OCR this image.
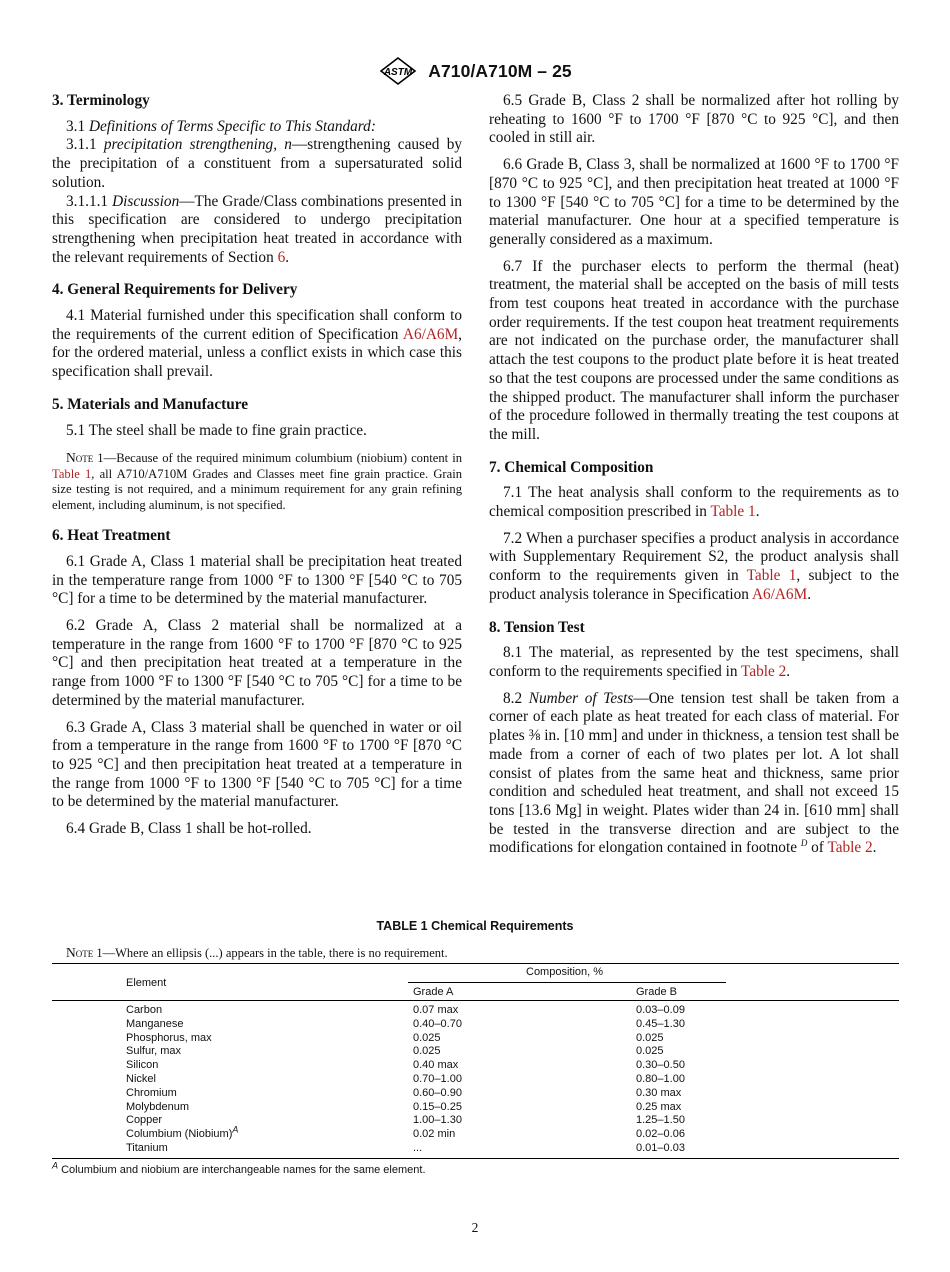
ASTM A710/A710M – 25
3. Terminology

3.1 Definitions of Terms Specific to This Standard:

3.1.1 precipitation strengthening, n—strengthening caused by the precipitation of a constituent from a supersaturated solid solution.

3.1.1.1 Discussion—The Grade/Class combinations presented in this specification are considered to undergo precipitation strengthening when precipitation heat treated in accordance with the relevant requirements of Section 6.

4. General Requirements for Delivery

4.1 Material furnished under this specification shall conform to the requirements of the current edition of Specification A6/A6M, for the ordered material, unless a conflict exists in which case this specification shall prevail.

5. Materials and Manufacture

5.1 The steel shall be made to fine grain practice.

Note 1—Because of the required minimum columbium (niobium) content in Table 1, all A710/A710M Grades and Classes meet fine grain practice. Grain size testing is not required, and a minimum requirement for any grain refining element, including aluminum, is not specified.
6. Heat Treatment

6.1 Grade A, Class 1 material shall be precipitation heat treated in the temperature range from 1000 °F to 1300 °F [540 °C to 705 °C] for a time to be determined by the material manufacturer.

6.2 Grade A, Class 2 material shall be normalized at a temperature in the range from 1600 °F to 1700 °F [870 °C to 925 °C] and then precipitation heat treated at a temperature in the range from 1000 °F to 1300 °F [540 °C to 705 °C] for a time to be determined by the material manufacturer.

6.3 Grade A, Class 3 material shall be quenched in water or oil from a temperature in the range from 1600 °F to 1700 °F [870 °C to 925 °C] and then precipitation heat treated at a temperature in the range from 1000 °F to 1300 °F [540 °C to 705 °C] for a time to be determined by the material manufacturer.

6.4 Grade B, Class 1 shall be hot-rolled.

6.5 Grade B, Class 2 shall be normalized after hot rolling by reheating to 1600 °F to 1700 °F [870 °C to 925 °C], and then cooled in still air.

6.6 Grade B, Class 3, shall be normalized at 1600 °F to 1700 °F [870 °C to 925 °C], and then precipitation heat treated at 1000 °F to 1300 °F [540 °C to 705 °C] for a time to be determined by the material manufacturer. One hour at a specified temperature is generally considered as a maximum.

6.7 If the purchaser elects to perform the thermal (heat) treatment, the material shall be accepted on the basis of mill tests from test coupons heat treated in accordance with the purchase order requirements. If the test coupon heat treatment requirements are not indicated on the purchase order, the manufacturer shall attach the test coupons to the product plate before it is heat treated so that the test coupons are processed under the same conditions as the shipped product. The manufacturer shall inform the purchaser of the procedure followed in thermally treating the test coupons at the mill.

7. Chemical Composition

7.1 The heat analysis shall conform to the requirements as to chemical composition prescribed in Table 1.

7.2 When a purchaser specifies a product analysis in accordance with Supplementary Requirement S2, the product analysis shall conform to the requirements given in Table 1, subject to the product analysis tolerance in Specification A6/A6M.

8. Tension Test

8.1 The material, as represented by the test specimens, shall conform to the requirements specified in Table 2.

8.2 Number of Tests—One tension test shall be taken from a corner of each plate as heat treated for each class of material. For plates ⅜ in. [10 mm] and under in thickness, a tension test shall be made from a corner of each of two plates per lot. A lot shall consist of plates from the same heat and thickness, same prior condition and scheduled heat treatment, and shall not exceed 15 tons [13.6 Mg] in weight. Plates wider than 24 in. [610 mm] shall be tested in the transverse direction and are subject to the modifications for elongation contained in footnote $^D$ of Table 2.

TABLE 1 Chemical Requirements
Note 1—Where an ellipsis (...) appears in the table, there is no requirement.
Element
Composition, %
Grade A	Grade B
Carbon	0.07 max	0.03–0.09
Manganese	0.40–0.70	0.45–1.30
Phosphorus, max	0.025	0.025
Sulfur, max	0.025	0.025
Silicon	0.40 max	0.30–0.50
Nickel	0.70–1.00	0.80–1.00
Chromium	0.60–0.90	0.30 max
Molybdenum	0.15–0.25	0.25 max
Copper	1.00–1.30	1.25–1.50
Columbium (Niobium)$^A$	0.02 min	0.02–0.06
Titanium	...	0.01–0.03
$^A$ Columbium and niobium are interchangeable names for the same element.
2
